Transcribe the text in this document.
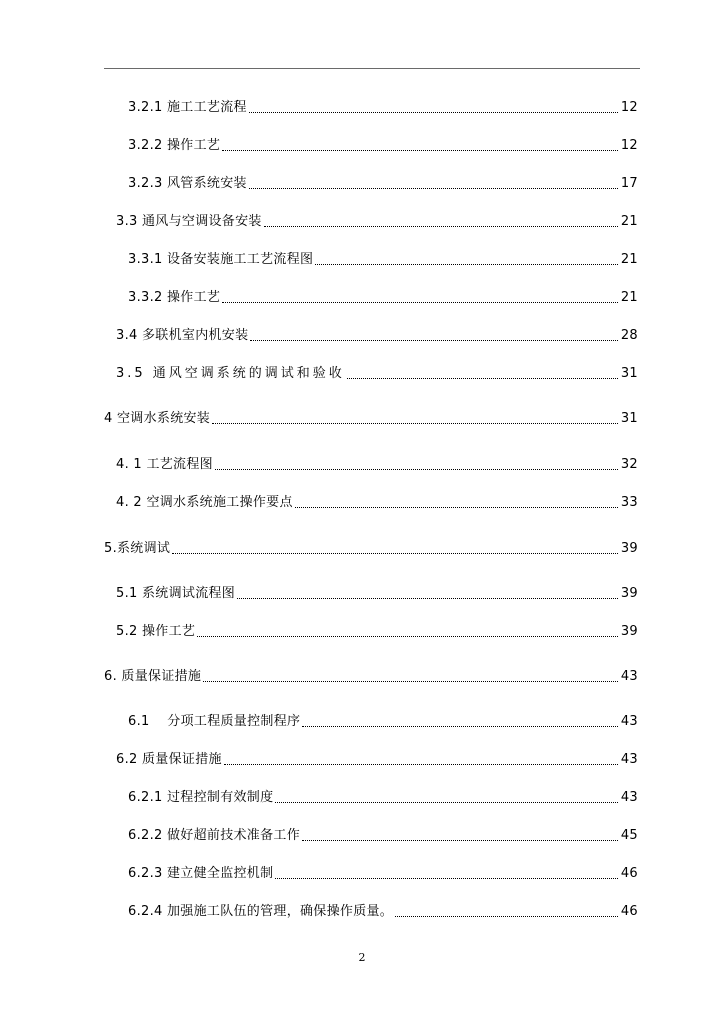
3.2.1 施工工艺流程	12
3.2.2 操作工艺	12
3.2.3 风管系统安装	17
3.3 通风与空调设备安装	21
3.3.1 设备安装施工工艺流程图	21
3.3.2 操作工艺	21
3.4 多联机室内机安装	28
3.5 通风空调系统的调试和验收	31
4 空调水系统安装	31
4. 1 工艺流程图	32
4. 2 空调水系统施工操作要点	33
5.系统调试	39
5.1 系统调试流程图	39
5.2 操作工艺	39
6. 质量保证措施	43
6.1    分项工程质量控制程序	43
6.2 质量保证措施	43
6.2.1 过程控制有效制度	43
6.2.2 做好超前技术准备工作	45
6.2.3 建立健全监控机制	46
6.2.4 加强施工队伍的管理，确保操作质量。	46
2
